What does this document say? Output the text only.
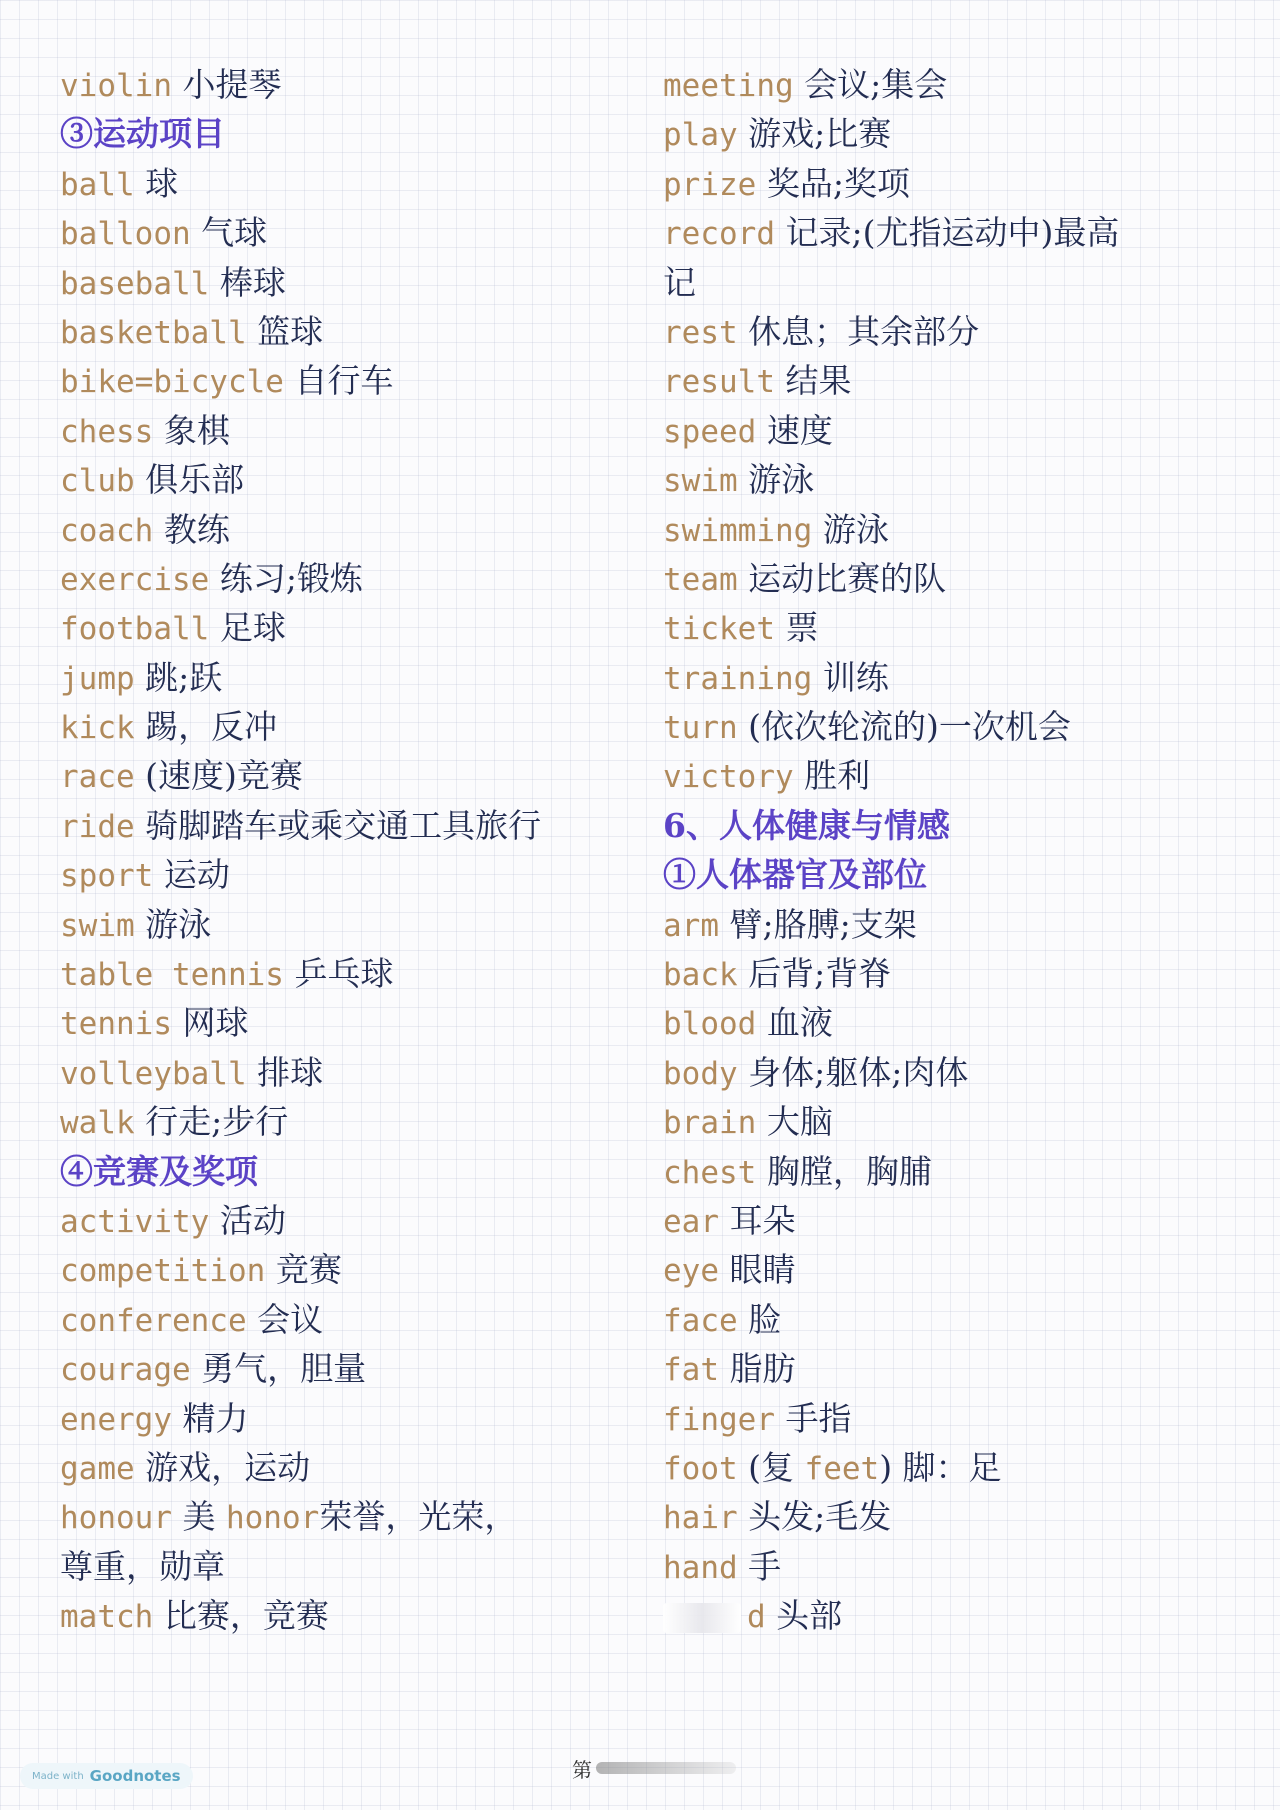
violin 小提琴
③运动项目
ball 球
balloon 气球
baseball 棒球
basketball 篮球
bike=bicycle 自行车
chess 象棋
club 俱乐部
coach 教练
exercise 练习;锻炼
football 足球
jump 跳;跃
kick 踢，反冲
race (速度)竞赛
ride 骑脚踏车或乘交通工具旅行
sport 运动
swim 游泳
table tennis 乒乓球
tennis 网球
volleyball 排球
walk 行走;步行
④竞赛及奖项
activity 活动
competition 竞赛
conference 会议
courage 勇气，胆量
energy 精力
game 游戏，运动
honour 美 honor荣誉，光荣，
尊重，勋章
match 比赛，竞赛
meeting 会议;集会
play 游戏;比赛
prize 奖品;奖项
record 记录;(尤指运动中)最高
记
rest 休息；其余部分
result 结果
speed 速度
swim 游泳
swimming 游泳
team 运动比赛的队
ticket 票
training 训练
turn (依次轮流的)一次机会
victory 胜利
6、人体健康与情感
①人体器官及部位
arm 臂;胳膊;支架
back 后背;背脊
blood 血液
body 身体;躯体;肉体
brain 大脑
chest 胸膛，胸脯
ear 耳朵
eye 眼睛
face 脸
fat 脂肪
finger 手指
foot (复 feet) 脚：足
hair 头发;毛发
hand 手
d 头部
Made with Goodnotes	第
